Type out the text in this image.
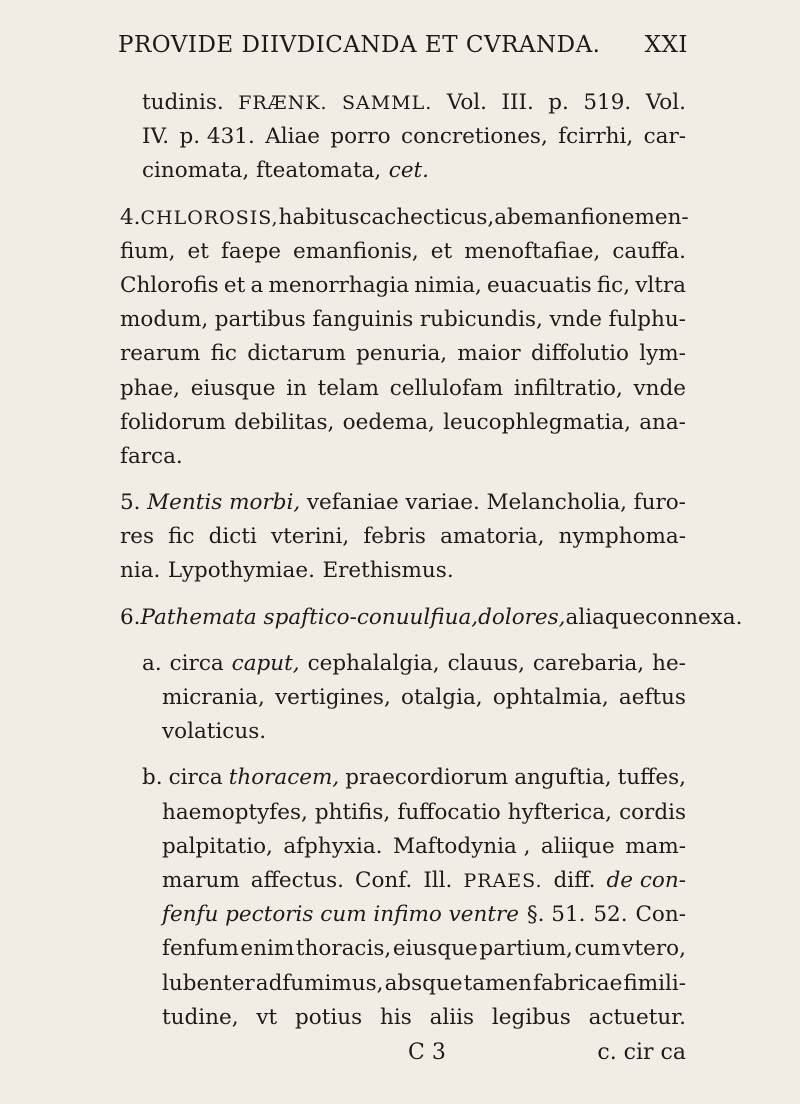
PROVIDE DIIVDICANDA ET CVRANDA. XXI
tudinis. FRÆNK. SAMML. Vol. III. p. 519. Vol.
IV. p. 431. Aliae porro concretiones, fcirrhi, car-
cinomata, fteatomata, cet.
4. CHLOROSIS, habitus cachecticus, ab emanfione men-
fium, et faepe emanfionis, et menoftafiae, cauffa.
Chlorofis et a menorrhagia nimia, euacuatis fic, vltra
modum, partibus fanguinis rubicundis, vnde fulphu-
rearum fic dictarum penuria, maior diffolutio lym-
phae, eiusque in telam cellulofam infiltratio, vnde
folidorum debilitas, oedema, leucophlegmatia, ana-
farca.
5. Mentis morbi, vefaniae variae. Melancholia, furo-
res fic dicti vterini, febris amatoria, nymphoma-
nia. Lypothymiae. Erethismus.
6. Pathemata spaftico-conuulfiua, dolores, aliaque connexa.
a. circa caput, cephalalgia, clauus, carebaria, he-
micrania, vertigines, otalgia, ophtalmia, aeftus
volaticus.
b. circa thoracem, praecordiorum anguftia, tuffes,
haemoptyfes, phtifis, fuffocatio hyfterica, cordis
palpitatio, afphyxia. Maftodynia , aliique mam-
marum affectus. Conf. Ill. PRAES. diff. de con-
fenfu pectoris cum infimo ventre §. 51. 52. Con-
fenfum enim thoracis, eiusque partium, cum vtero,
lubenter adfumimus, absque tamen fabricae fimili-
tudine, vt potius his aliis legibus actuetur.
C 3	c. cir ca
